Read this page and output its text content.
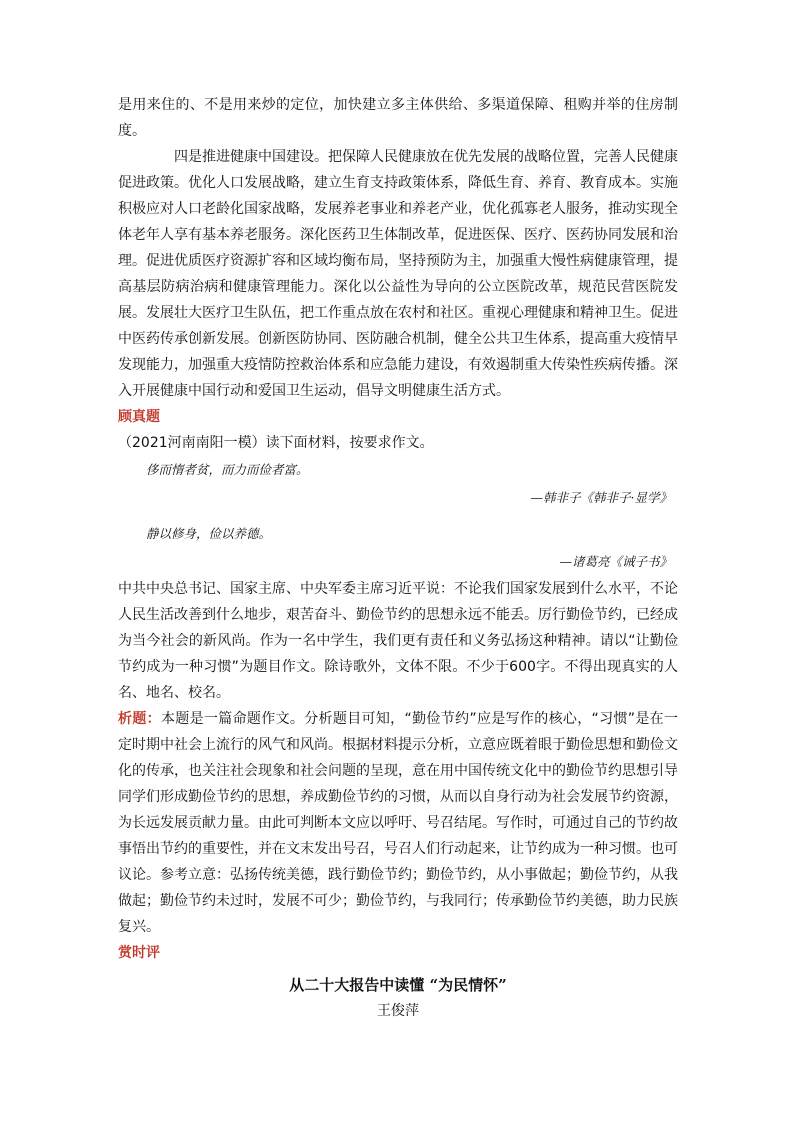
是用来住的、不是用来炒的定位，加快建立多主体供给、多渠道保障、租购并举的住房制度。

四是推进健康中国建设。把保障人民健康放在优先发展的战略位置，完善人民健康促进政策。优化人口发展战略，建立生育支持政策体系，降低生育、养育、教育成本。实施积极应对人口老龄化国家战略，发展养老事业和养老产业，优化孤寡老人服务，推动实现全体老年人享有基本养老服务。深化医药卫生体制改革，促进医保、医疗、医药协同发展和治理。促进优质医疗资源扩容和区域均衡布局，坚持预防为主，加强重大慢性病健康管理，提高基层防病治病和健康管理能力。深化以公益性为导向的公立医院改革，规范民营医院发展。发展壮大医疗卫生队伍，把工作重点放在农村和社区。重视心理健康和精神卫生。促进中医药传承创新发展。创新医防协同、医防融合机制，健全公共卫生体系，提高重大疫情早发现能力，加强重大疫情防控救治体系和应急能力建设，有效遏制重大传染性疾病传播。深入开展健康中国行动和爱国卫生运动，倡导文明健康生活方式。

顾真题

（2021河南南阳一模）读下面材料，按要求作文。

侈而惰者贫，而力而俭者富。
—韩非子《韩非子·显学》
静以修身，俭以养德。
—诸葛亮《诫子书》

中共中央总书记、国家主席、中央军委主席习近平说：不论我们国家发展到什么水平，不论人民生活改善到什么地步，艰苦奋斗、勤俭节约的思想永远不能丢。厉行勤俭节约，已经成为当今社会的新风尚。作为一名中学生，我们更有责任和义务弘扬这种精神。请以“让勤俭节约成为一种习惯”为题目作文。除诗歌外，文体不限。不少于600字。不得出现真实的人名、地名、校名。

析题：本题是一篇命题作文。分析题目可知，“勤俭节约”应是写作的核心，“习惯”是在一定时期中社会上流行的风气和风尚。根据材料提示分析，立意应既着眼于勤俭思想和勤俭文化的传承，也关注社会现象和社会问题的呈现，意在用中国传统文化中的勤俭节约思想引导同学们形成勤俭节约的思想，养成勤俭节约的习惯，从而以自身行动为社会发展节约资源，为长远发展贡献力量。由此可判断本文应以呼吁、号召结尾。写作时，可通过自己的节约故事悟出节约的重要性，并在文末发出号召，号召人们行动起来，让节约成为一种习惯。也可议论。参考立意：弘扬传统美德，践行勤俭节约；勤俭节约，从小事做起；勤俭节约，从我做起；勤俭节约未过时，发展不可少；勤俭节约，与我同行；传承勤俭节约美德，助力民族复兴。

赏时评
从二十大报告中读懂 “为民情怀”
王俊萍
